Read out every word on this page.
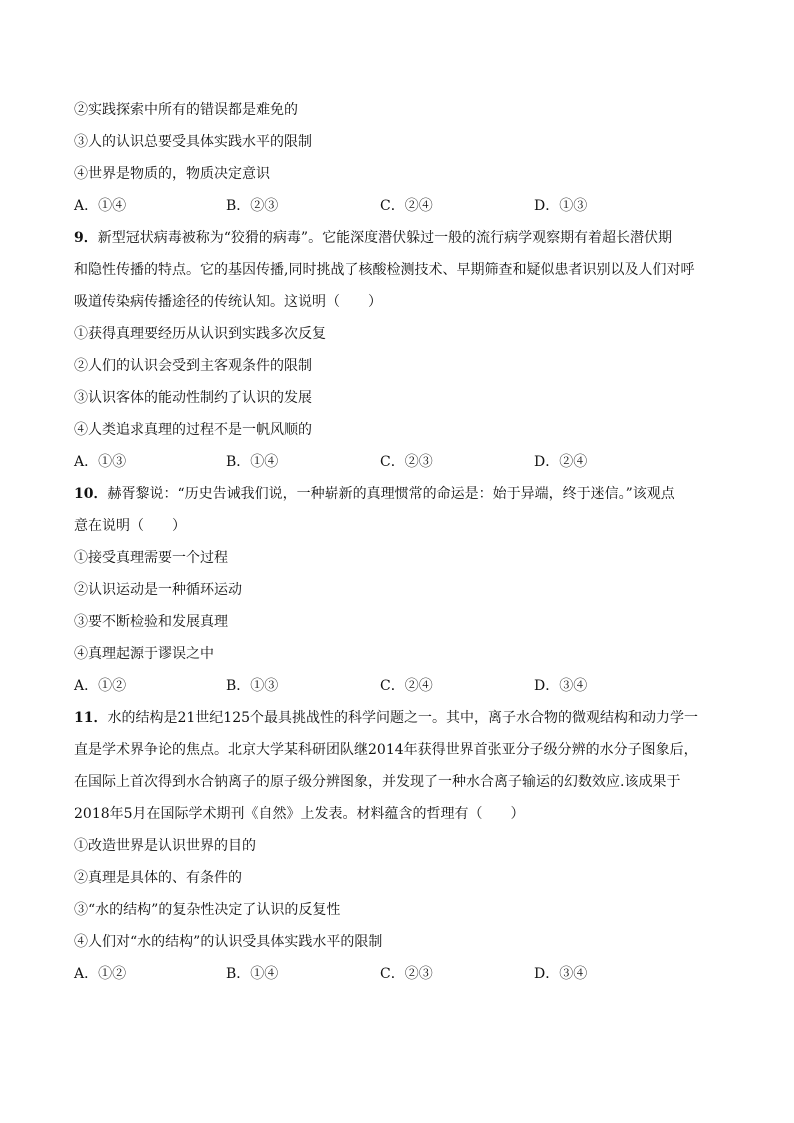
②实践探索中所有的错误都是难免的
③人的认识总要受具体实践水平的限制
④世界是物质的，物质决定意识
A．①④	B．②③	C．②④	D．①③
9．新型冠状病毒被称为“狡猾的病毒”。它能深度潜伏躲过一般的流行病学观察期有着超长潜伏期
和隐性传播的特点。它的基因传播,同时挑战了核酸检测技术、早期筛查和疑似患者识别以及人们对呼
吸道传染病传播途径的传统认知。这说明（　　）
①获得真理要经历从认识到实践多次反复
②人们的认识会受到主客观条件的限制
③认识客体的能动性制约了认识的发展
④人类追求真理的过程不是一帆风顺的
A．①③	B．①④	C．②③	D．②④
10．赫胥黎说：“历史告诫我们说，一种崭新的真理惯常的命运是：始于异端，终于迷信。”该观点
意在说明（　　）
①接受真理需要一个过程
②认识运动是一种循环运动
③要不断检验和发展真理
④真理起源于谬误之中
A．①②	B．①③	C．②④	D．③④
11．水的结构是21世纪125个最具挑战性的科学问题之一。其中，离子水合物的微观结构和动力学一
直是学术界争论的焦点。北京大学某科研团队继2014年获得世界首张亚分子级分辨的水分子图象后，
在国际上首次得到水合钠离子的原子级分辨图象，并发现了一种水合离子输运的幻数效应.该成果于
2018年5月在国际学术期刊《自然》上发表。材料蕴含的哲理有（　　）
①改造世界是认识世界的目的
②真理是具体的、有条件的
③“水的结构”的复杂性决定了认识的反复性
④人们对“水的结构”的认识受具体实践水平的限制
A．①②	B．①④	C．②③	D．③④
